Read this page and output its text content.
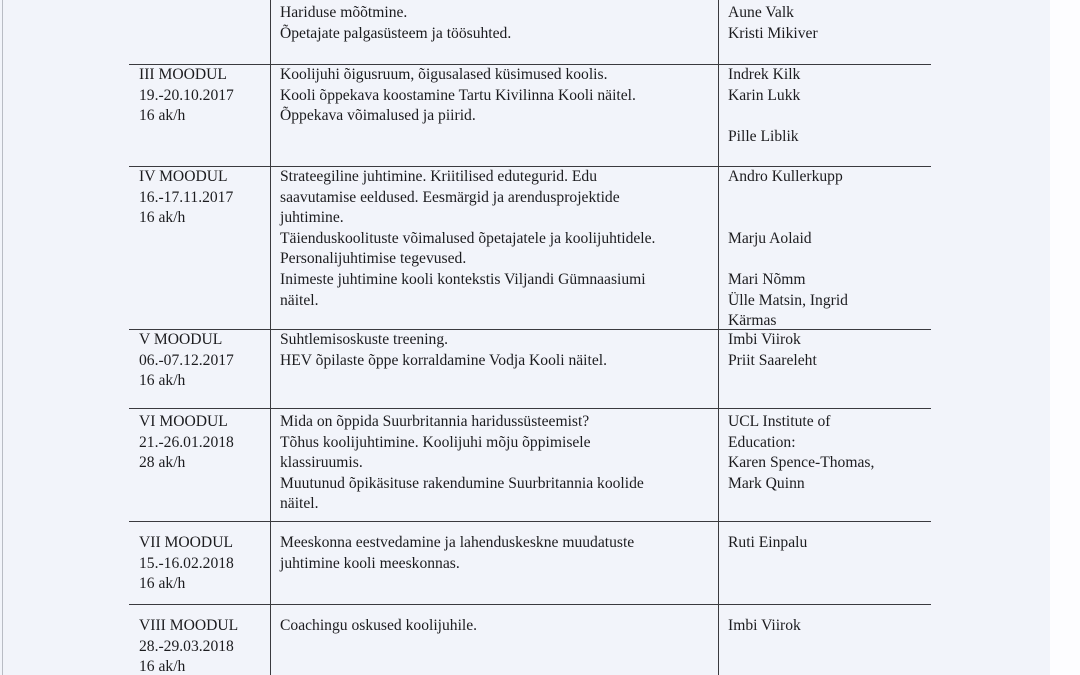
Hariduse mõõtmine.
Õpetajate palgasüsteem ja töösuhted.
Aune Valk
Kristi Mikiver
III MOODUL
19.-20.10.2017
16 ak/h
Koolijuhi õigusruum, õigusalased küsimused koolis.
Kooli õppekava koostamine Tartu Kivilinna Kooli näitel.
Õppekava võimalused ja piirid.
Indrek Kilk
Karin Lukk
Pille Liblik
IV MOODUL
16.-17.11.2017
16 ak/h
Strateegiline juhtimine. Kriitilised edutegurid. Edu
saavutamise eeldused. Eesmärgid ja arendusprojektide
juhtimine.
Täienduskoolituste võimalused õpetajatele ja koolijuhtidele.
Personalijuhtimise tegevused.
Inimeste juhtimine kooli kontekstis Viljandi Gümnaasiumi
näitel.
Andro Kullerkupp
Marju Aolaid
Mari Nõmm
Ülle Matsin, Ingrid
Kärmas
V MOODUL
06.-07.12.2017
16 ak/h
Suhtlemisoskuste treening.
HEV õpilaste õppe korraldamine Vodja Kooli näitel.
Imbi Viirok
Priit Saareleht
VI MOODUL
21.-26.01.2018
28 ak/h
Mida on õppida Suurbritannia haridussüsteemist?
Tõhus koolijuhtimine. Koolijuhi mõju õppimisele
klassiruumis.
Muutunud õpikäsituse rakendumine Suurbritannia koolide
näitel.
UCL Institute of
Education:
Karen Spence-Thomas,
Mark Quinn
VII MOODUL
15.-16.02.2018
16 ak/h
Meeskonna eestvedamine ja lahenduskeskne muudatuste
juhtimine kooli meeskonnas.
Ruti Einpalu
VIII MOODUL
28.-29.03.2018
16 ak/h
Coachingu oskused koolijuhile.	Imbi Viirok
